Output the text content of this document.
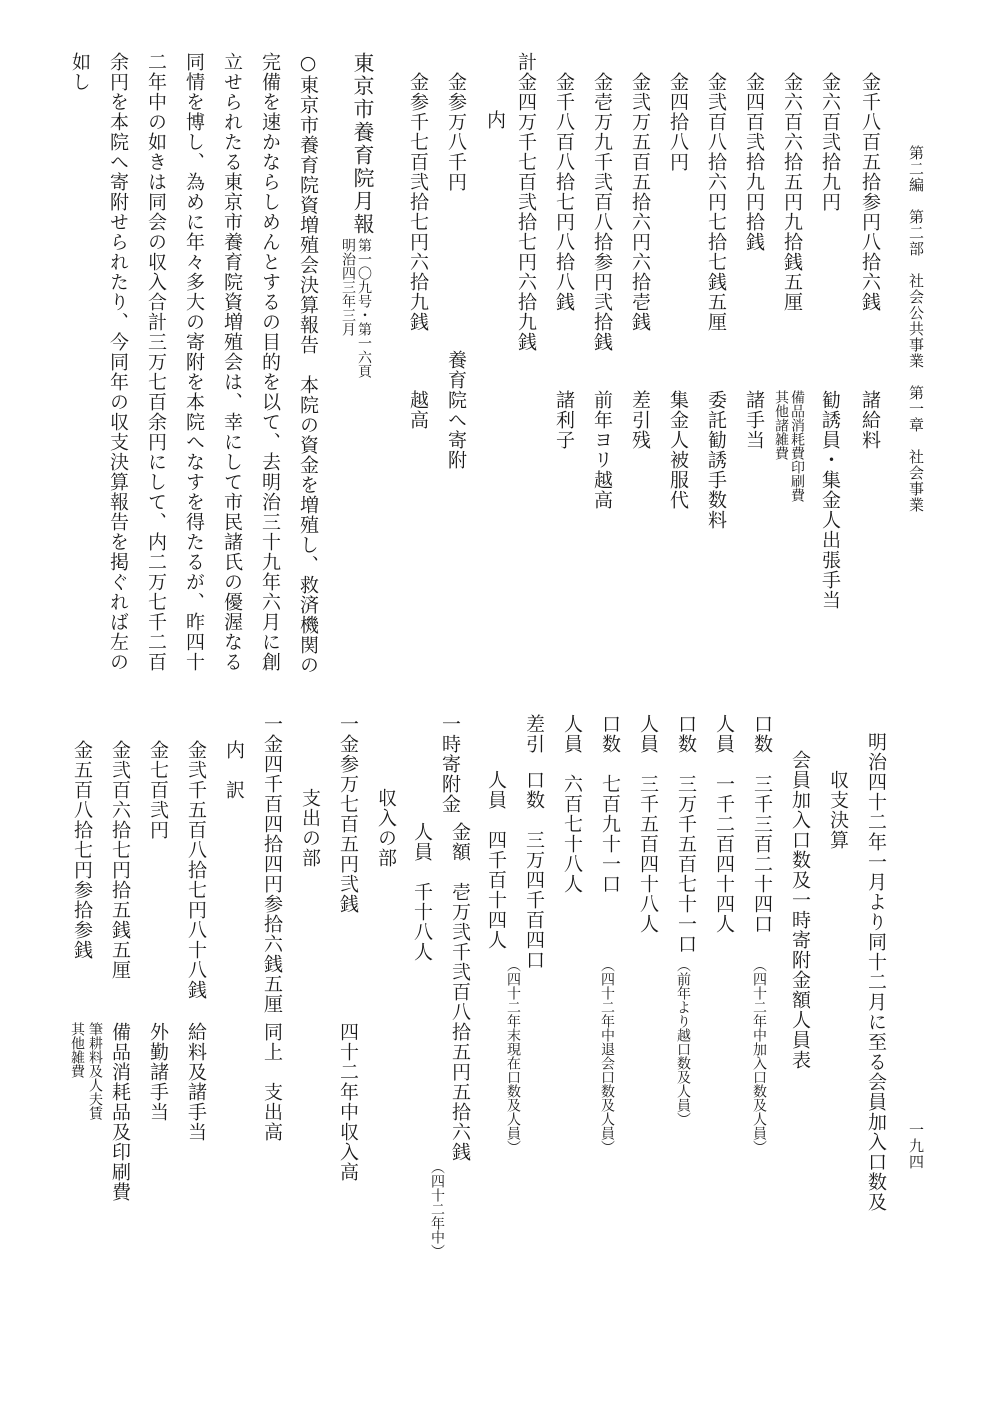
第二編　第二部　社会公共事業　第一章　社会事業
一九四
金千八百五拾参円八拾六銭
諸給料
金六百弐拾九円
勧誘員・集金人出張手当
金六百六拾五円九拾銭五厘
備品消耗費印刷費
其他諸雑費
金四百弐拾九円拾銭
諸手当
金弐百八拾六円七拾七銭五厘
委託勧誘手数料
金四拾八円
集金人被服代
金弐万五百五拾六円六拾壱銭
差引残
金壱万九千弐百八拾参円弐拾銭
前年ヨリ越高
金千八百八拾七円八拾八銭
諸利子
計金四万千七百弐拾七円六拾九銭
内
金参万八千円
養育院へ寄附
金参千七百弐拾七円六拾九銭
越高
東京市養育院月報
第一〇九号・第一六頁
明治四三年三月
○東京市養育院資増殖会決算報告　本院の資金を増殖し、救済機関の
完備を速かならしめんとするの目的を以て、去明治三十九年六月に創
立せられたる東京市養育院資増殖会は、幸にして市民諸氏の優渥なる
同情を博し、為めに年々多大の寄附を本院へなすを得たるが、昨四十
二年中の如きは同会の収入合計三万七百余円にして、内二万七千二百
余円を本院へ寄附せられたり、今同年の収支決算報告を掲ぐれば左の
如し
明治四十二年一月より同十二月に至る会員加入口数及
収支決算
会員加入口数及一時寄附金額人員表
口数　三千三百二十四口
（四十二年中加入口数及人員）
人員　一千二百四十四人
口数　三万千五百七十一口
（前年より越口数及人員）
人員　三千五百四十八人
口数　七百九十一口
（四十二年中退会口数及人員）
人員　六百七十八人
差引
口数　三万四千百四口
（四十二年末現在口数及人員）
人員　四千百十四人
一時寄附金
金額　壱万弐千弐百八拾五円五拾六銭
（四十二年中）
人員　千十八人
収入の部
一金参万七百五円弐銭
四十二年中収入高
支出の部
一金四千百四拾四円参拾六銭五厘
同上　支出高
内　訳
金弐千五百八拾七円八十八銭
給料及諸手当
金七百弐円
外勤諸手当
金弐百六拾七円拾五銭五厘
備品消耗品及印刷費
金五百八拾七円参拾参銭
筆耕料及人夫賃
其他雑費
